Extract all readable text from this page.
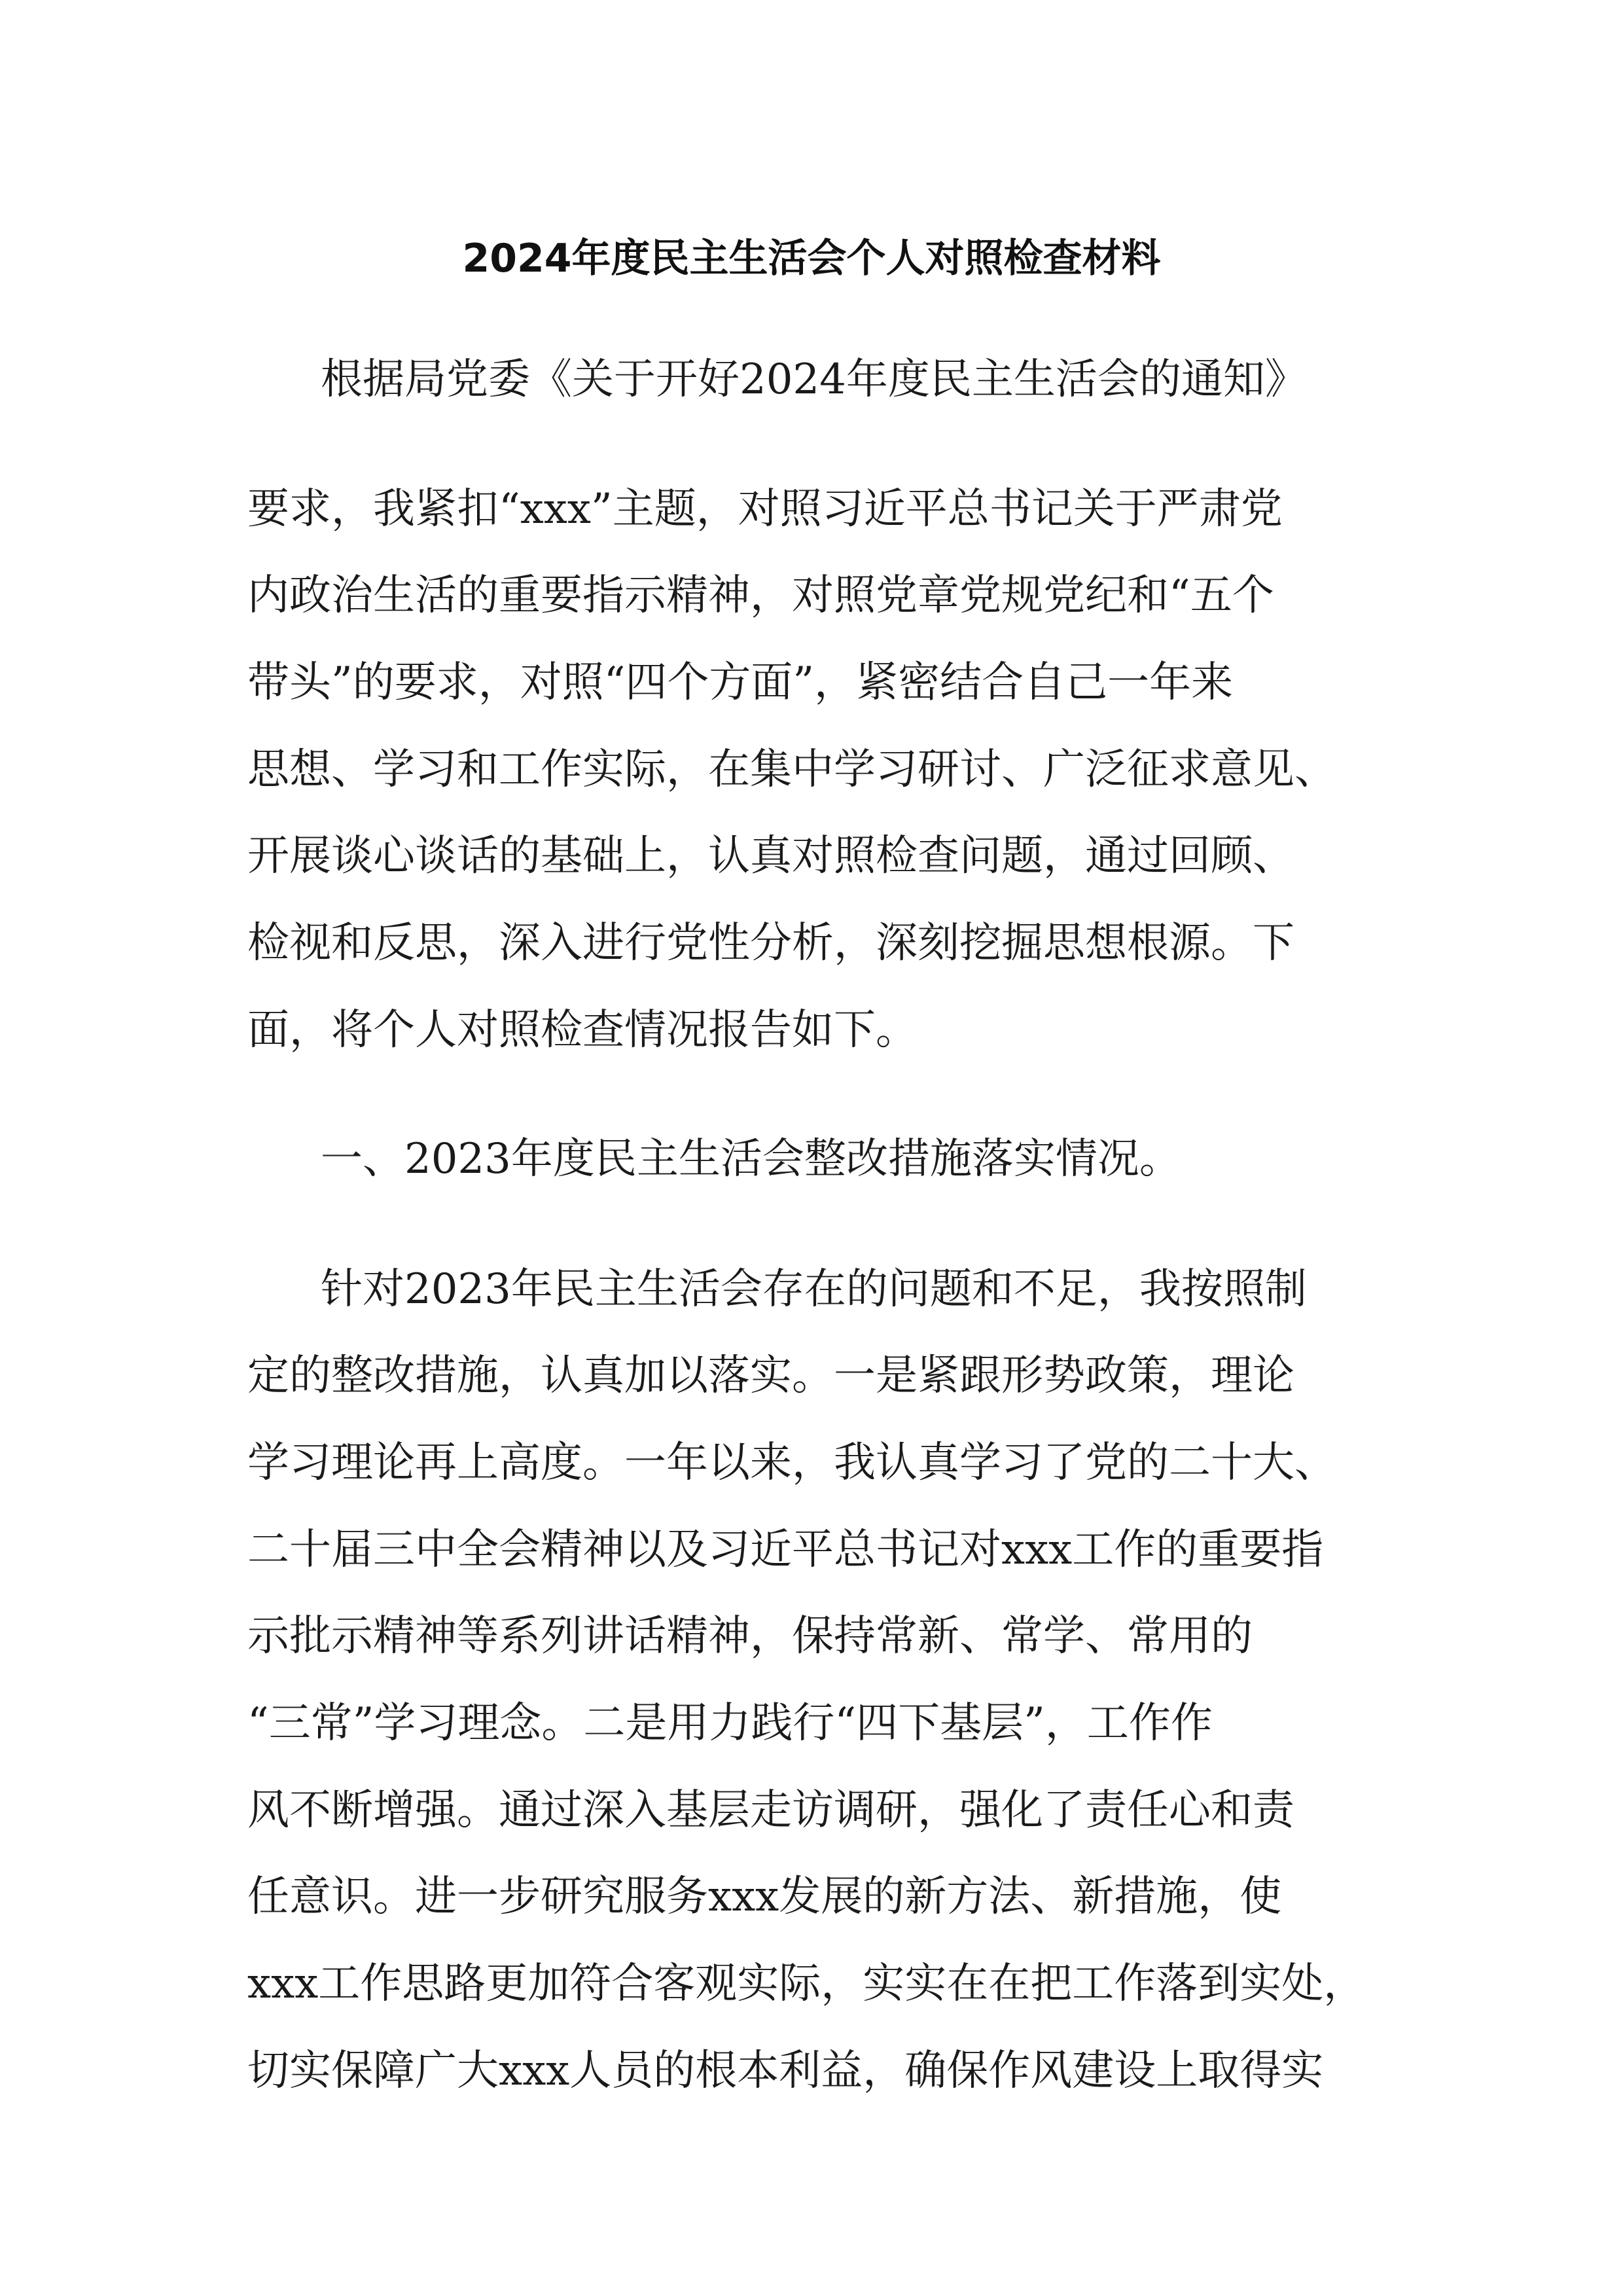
2024年度民主生活会个人对照检查材料
根据局党委《关于开好2024年度民主生活会的通知》
要求，我紧扣“xxx”主题，对照习近平总书记关于严肃党
内政治生活的重要指示精神，对照党章党规党纪和“五个
带头”的要求，对照“四个方面”，紧密结合自己一年来
思想、学习和工作实际，在集中学习研讨、广泛征求意见、
开展谈心谈话的基础上，认真对照检查问题，通过回顾、
检视和反思，深入进行党性分析，深刻挖掘思想根源。下
面，将个人对照检查情况报告如下。
一、2023年度民主生活会整改措施落实情况。
针对2023年民主生活会存在的问题和不足，我按照制
定的整改措施，认真加以落实。一是紧跟形势政策，理论
学习理论再上高度。一年以来，我认真学习了党的二十大、
二十届三中全会精神以及习近平总书记对xxx工作的重要指
示批示精神等系列讲话精神，保持常新、常学、常用的
“三常”学习理念。二是用力践行“四下基层”，工作作
风不断增强。通过深入基层走访调研，强化了责任心和责
任意识。进一步研究服务xxx发展的新方法、新措施，使
xxx工作思路更加符合客观实际，实实在在把工作落到实处，
切实保障广大xxx人员的根本利益，确保作风建设上取得实
